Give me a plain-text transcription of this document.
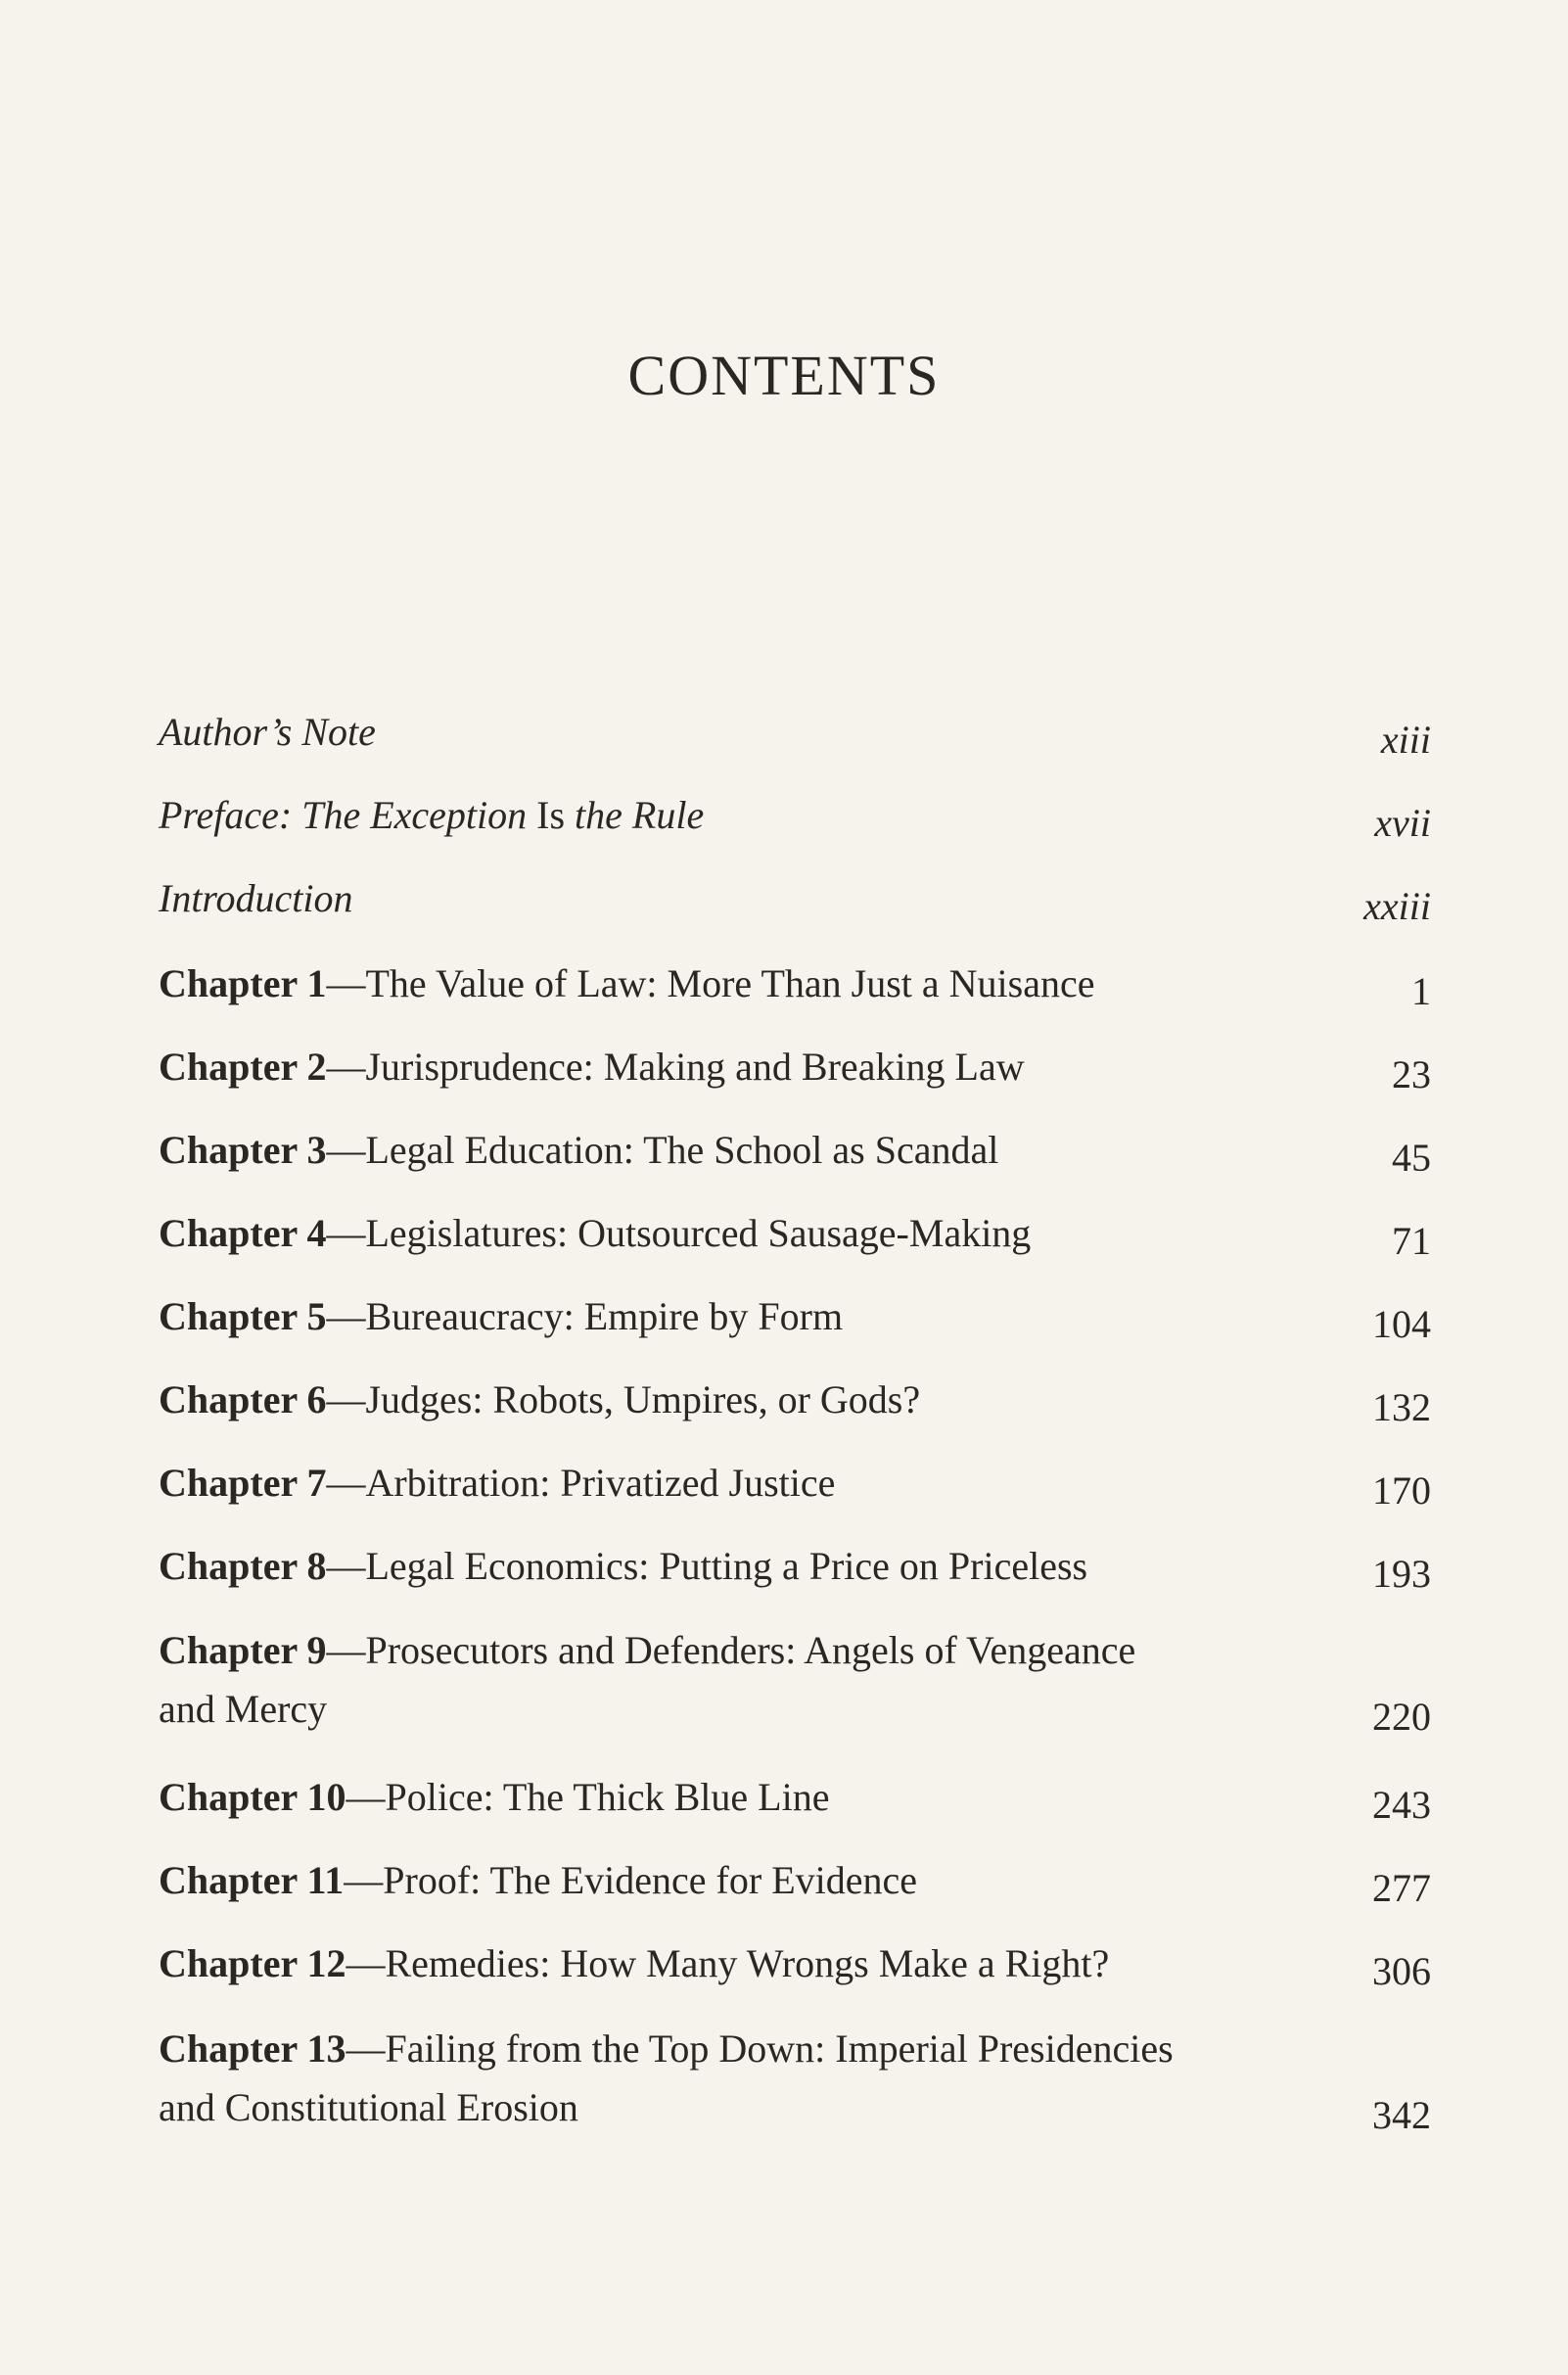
CONTENTS
Author’s Note	xiii
Preface: The Exception Is the Rule	xvii
Introduction	xxiii
Chapter 1—The Value of Law: More Than Just a Nuisance	1
Chapter 2—Jurisprudence: Making and Breaking Law	23
Chapter 3—Legal Education: The School as Scandal	45
Chapter 4—Legislatures: Outsourced Sausage-Making	71
Chapter 5—Bureaucracy: Empire by Form	104
Chapter 6—Judges: Robots, Umpires, or Gods?	132
Chapter 7—Arbitration: Privatized Justice	170
Chapter 8—Legal Economics: Putting a Price on Priceless	193
Chapter 9—Prosecutors and Defenders: Angels of Vengeance
and Mercy	220
Chapter 10—Police: The Thick Blue Line	243
Chapter 11—Proof: The Evidence for Evidence	277
Chapter 12—Remedies: How Many Wrongs Make a Right?	306
Chapter 13—Failing from the Top Down: Imperial Presidencies
and Constitutional Erosion	342
